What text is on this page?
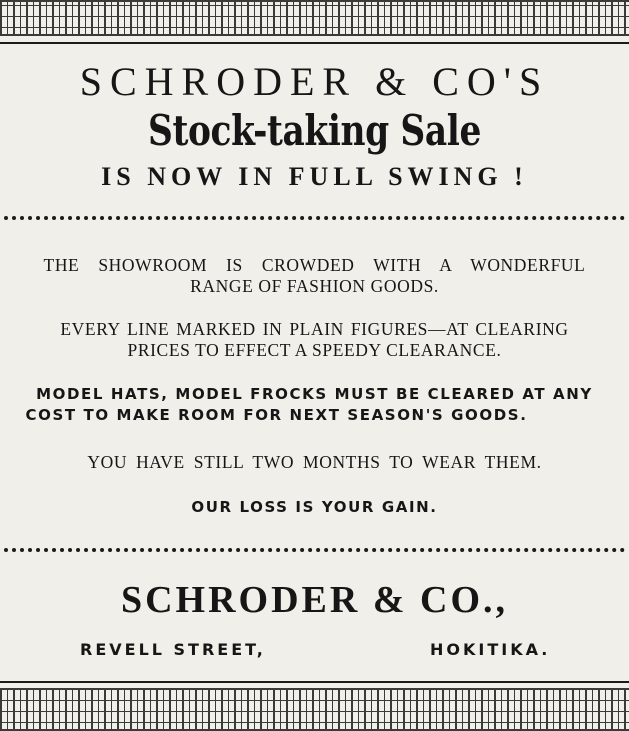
SCHRODER & CO'S
Stock-taking Sale
IS NOW IN FULL SWING !
THE SHOWROOM IS CROWDED WITH A WONDERFUL
RANGE OF FASHION GOODS.
EVERY LINE MARKED IN PLAIN FIGURES—AT CLEARING
PRICES TO EFFECT A SPEEDY CLEARANCE.
MODEL HATS, MODEL FROCKS MUST BE CLEARED AT ANY
COST TO MAKE ROOM FOR NEXT SEASON'S GOODS.
YOU HAVE STILL TWO MONTHS TO WEAR THEM.
OUR LOSS IS YOUR GAIN.
SCHRODER & CO.,
REVELL STREET,	HOKITIKA.
